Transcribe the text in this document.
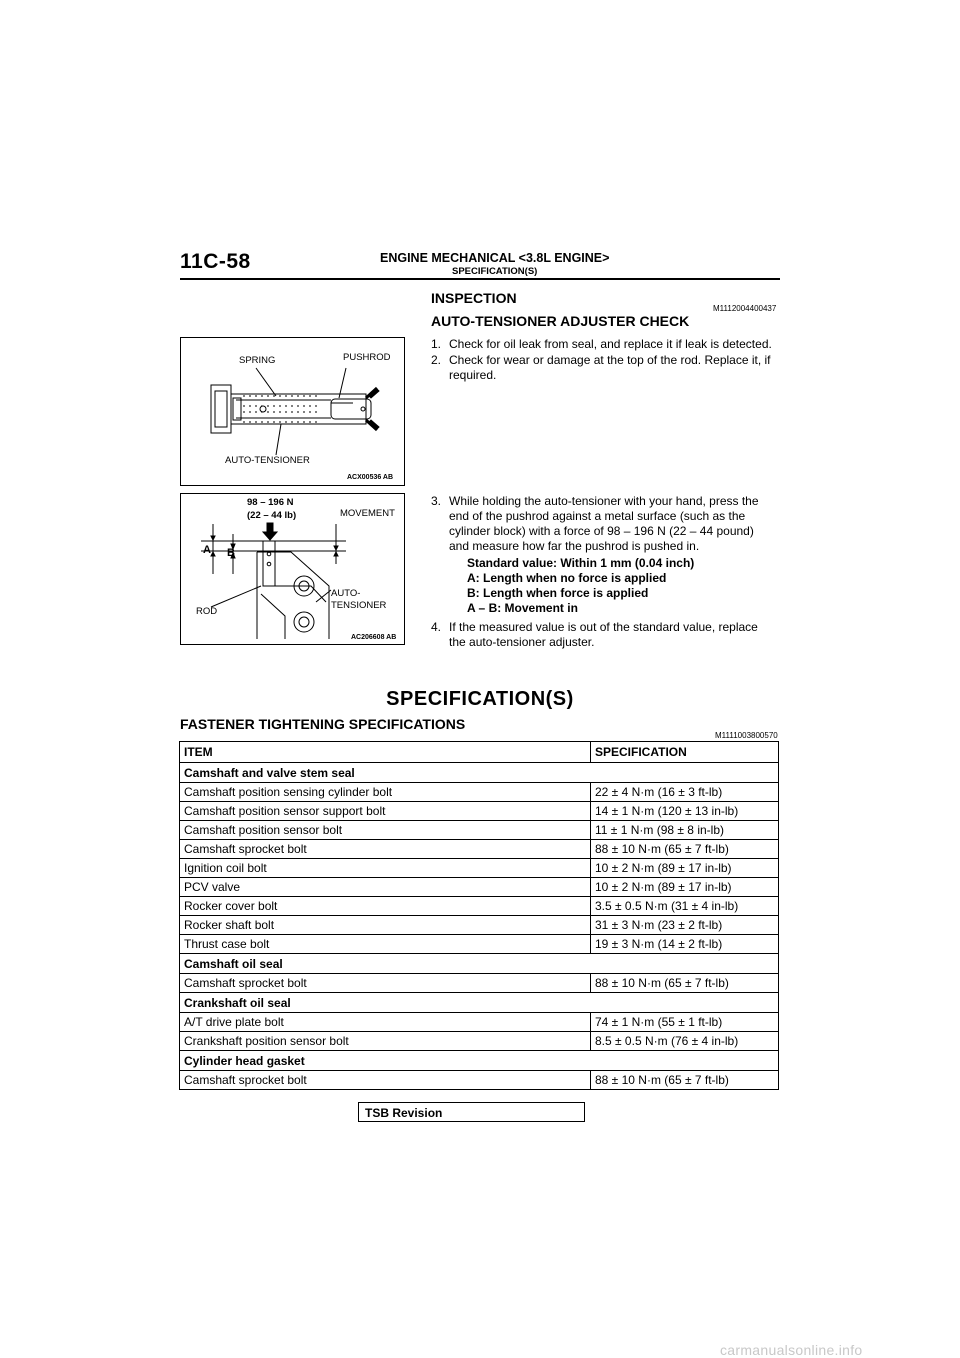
11C-58	ENGINE MECHANICAL <3.8L ENGINE>
SPECIFICATION(S)
INSPECTION
M1112004400437
AUTO-TENSIONER ADJUSTER CHECK
SPRING	PUSHROD
AUTO-TENSIONER
ACX00536 AB
1. Check for oil leak from seal, and replace it if leak is detected.
2. Check for wear or damage at the top of the rod. Replace it, if
required.
98 – 196 N
(22 – 44 lb)	MOVEMENT
A B
AUTO-
TENSIONER
ROD
AC206608 AB
3. While holding the auto-tensioner with your hand, press the
end of the pushrod against a metal surface (such as the
cylinder block) with a force of 98 – 196 N (22 – 44 pound)
and measure how far the pushrod is pushed in.
Standard value: Within 1 mm (0.04 inch)
A: Length when no force is applied
B: Length when force is applied
A – B: Movement in
4. If the measured value is out of the standard value, replace
the auto-tensioner adjuster.
SPECIFICATION(S)
FASTENER TIGHTENING SPECIFICATIONS
M1111003800570
ITEM	SPECIFICATION
Camshaft and valve stem seal	
Camshaft position sensing cylinder bolt	22 ± 4 N·m (16 ± 3 ft-lb)
Camshaft position sensor support bolt	14 ± 1 N·m (120 ± 13 in-lb)
Camshaft position sensor bolt	11 ± 1 N·m (98 ± 8 in-lb)
Camshaft sprocket bolt	88 ± 10 N·m (65 ± 7 ft-lb)
Ignition coil bolt	10 ± 2 N·m (89 ± 17 in-lb)
PCV valve	10 ± 2 N·m (89 ± 17 in-lb)
Rocker cover bolt	3.5 ± 0.5 N·m (31 ± 4 in-lb)
Rocker shaft bolt	31 ± 3 N·m (23 ± 2 ft-lb)
Thrust case bolt	19 ± 3 N·m (14 ± 2 ft-lb)
Camshaft oil seal	
Camshaft sprocket bolt	88 ± 10 N·m (65 ± 7 ft-lb)
Crankshaft oil seal	
A/T drive plate bolt	74 ± 1 N·m (55 ± 1 ft-lb)
Crankshaft position sensor bolt	8.5 ± 0.5 N·m (76 ± 4 in-lb)
Cylinder head gasket	
Camshaft sprocket bolt	88 ± 10 N·m (65 ± 7 ft-lb)
TSB Revision
carmanualsonline.info
